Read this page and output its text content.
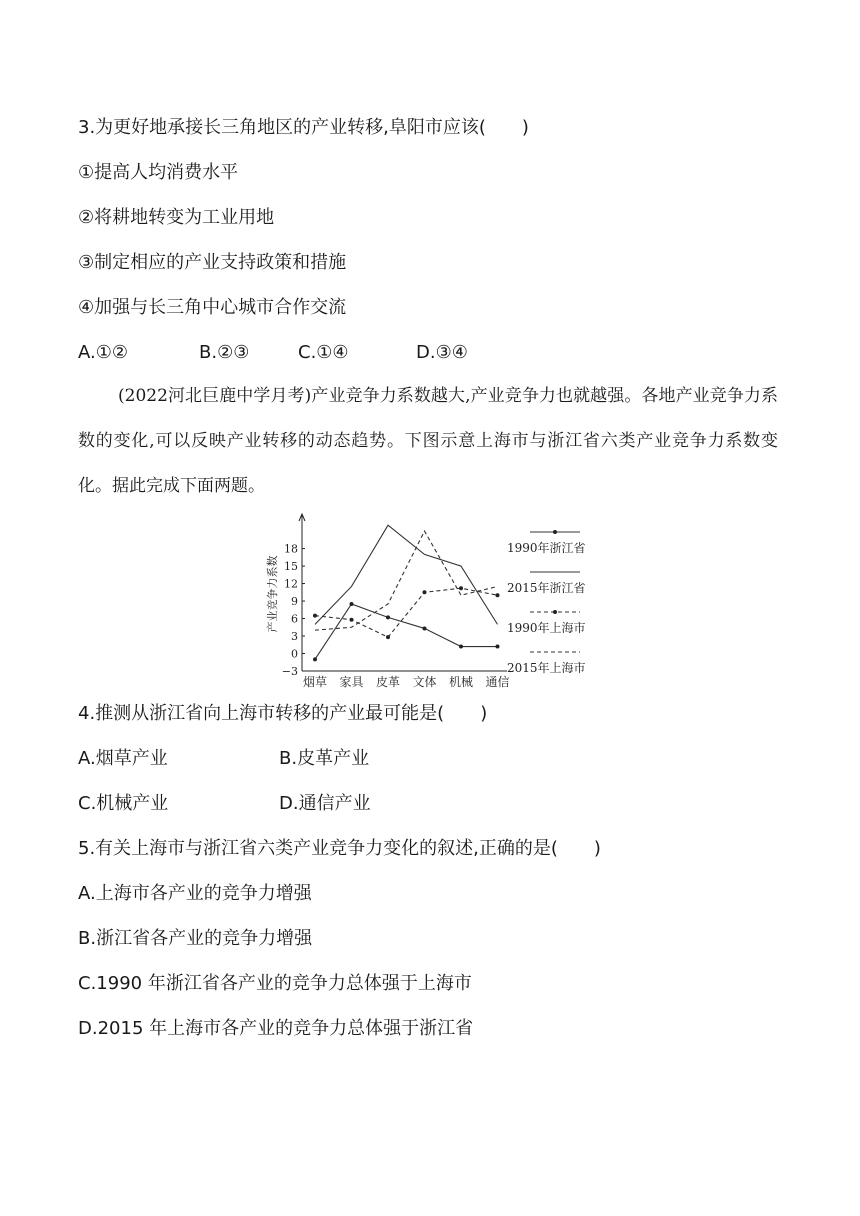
3.为更好地承接长三角地区的产业转移,阜阳市应该(　　)
①提高人均消费水平
②将耕地转变为工业用地
③制定相应的产业支持政策和措施
④加强与长三角中心城市合作交流
A.①②	B.②③	C.①④	D.③④
(2022河北巨鹿中学月考)产业竞争力系数越大,产业竞争力也就越强。各地产业竞争力系数的变化,可以反映产业转移的动态趋势。下图示意上海市与浙江省六类产业竞争力系数变化。据此完成下面两题。
18
15
12
9
6
3
0
−3
烟草 家具 皮革 文体 机械 通信
1990年浙江省
2015年浙江省
1990年上海市
2015年上海市
产业竞争力系数
4.推测从浙江省向上海市转移的产业最可能是(　　)
A.烟草产业	B.皮革产业
C.机械产业	D.通信产业
5.有关上海市与浙江省六类产业竞争力变化的叙述,正确的是(　　)
A.上海市各产业的竞争力增强
B.浙江省各产业的竞争力增强
C.1990 年浙江省各产业的竞争力总体强于上海市
D.2015 年上海市各产业的竞争力总体强于浙江省
